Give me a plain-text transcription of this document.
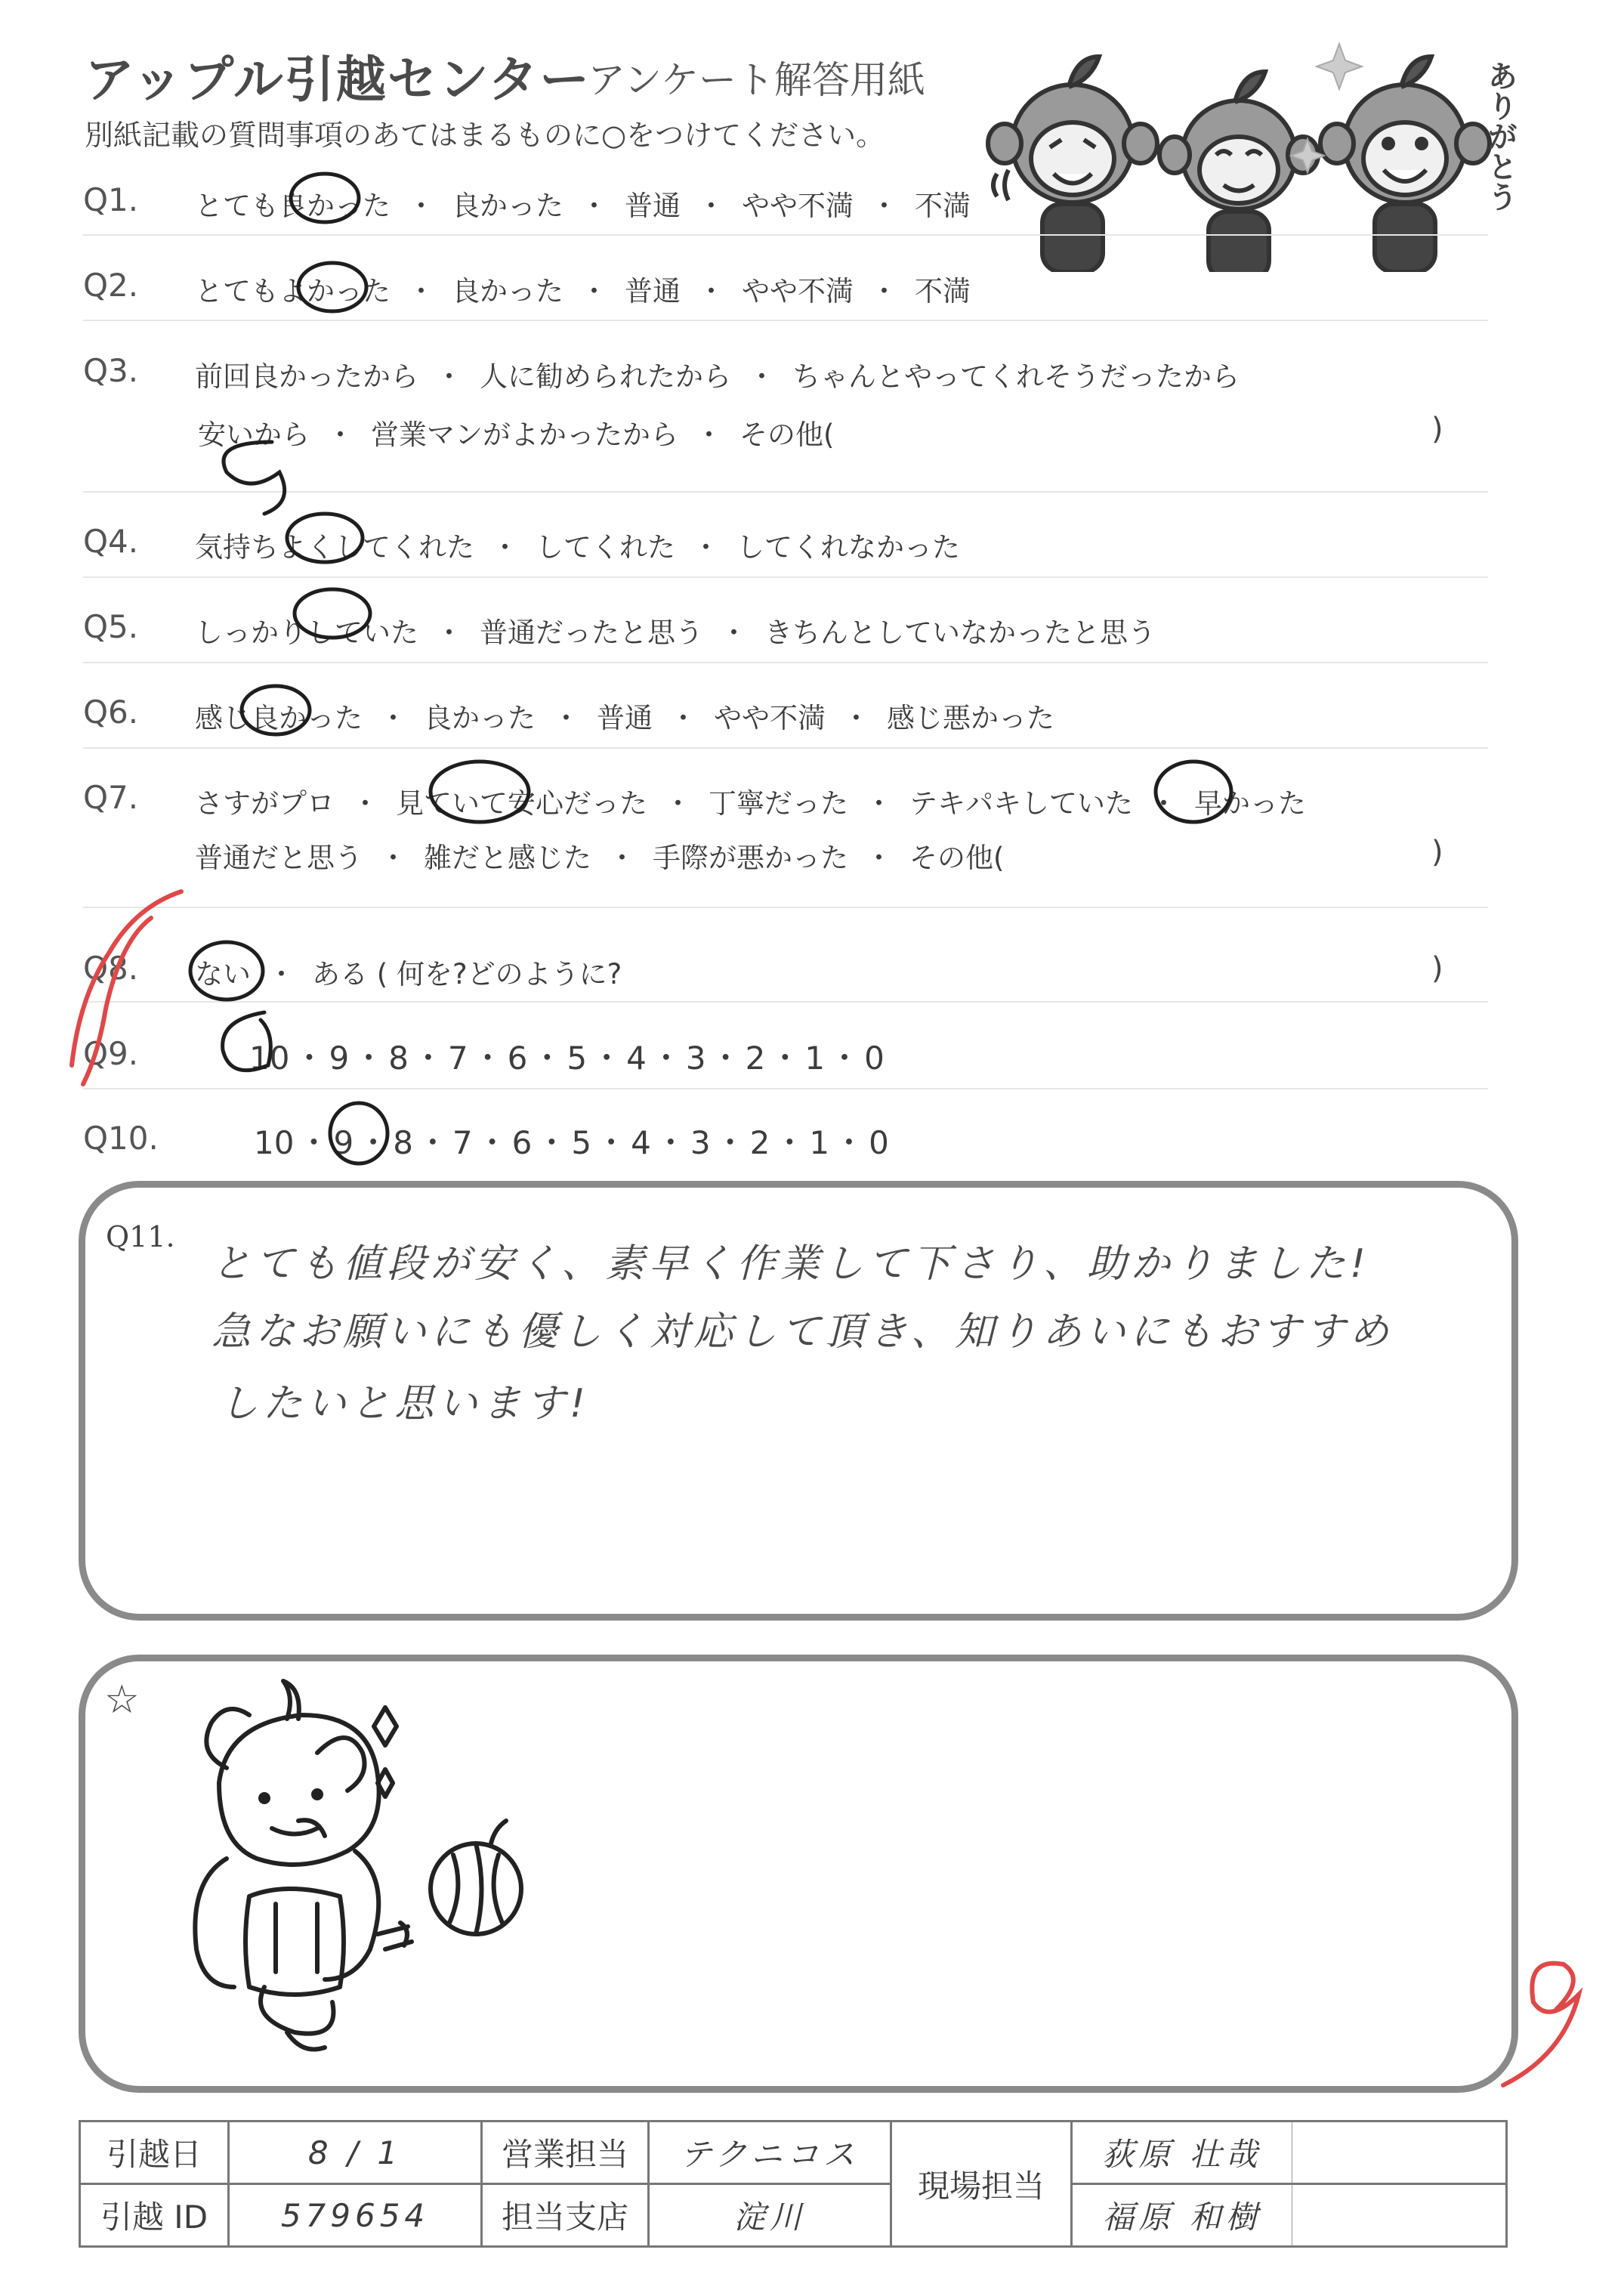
アップル引越センター
アンケート解答用紙
別紙記載の質問事項のあてはまるものに○をつけてください。	ありがとう
Q1. とても良かった ・ 良かった ・ 普通 ・ やや不満 ・ 不満
Q2. とてもよかった ・ 良かった ・ 普通 ・ やや不満 ・ 不満
Q3. 前回良かったから ・ 人に勧められたから ・ ちゃんとやってくれそうだったから
安いから ・ 営業マンがよかったから ・ その他(	)
Q4. 気持ちよくしてくれた ・ してくれた ・ してくれなかった
Q5. しっかりしていた ・ 普通だったと思う ・ きちんとしていなかったと思う
Q6. 感じ良かった ・ 良かった ・ 普通 ・ やや不満 ・ 感じ悪かった
Q7. さすがプロ ・ 見ていて安心だった ・ 丁寧だった ・ テキパキしていた ・ 早かった
普通だと思う ・ 雑だと感じた ・ 手際が悪かった ・ その他(	)
Q8. ない ・ ある ( 何を?どのように?	)
Q9.	10 ・ 9 ・ 8 ・ 7 ・ 6 ・ 5 ・ 4 ・ 3 ・ 2 ・ 1 ・ 0
Q10.	10 ・ 9 ・ 8 ・ 7 ・ 6 ・ 5 ・ 4 ・ 3 ・ 2 ・ 1 ・ 0
Q11.
とても値段が安く、素早く作業して下さり、助かりました!
急なお願いにも優しく対応して頂き、知りあいにもおすすめ
したいと思います!
☆
引越日	8 / 1	営業担当	テクニコス	現場担当	荻原 壮哉	
引越 ID	579654	担当支店	淀川		福原 和樹	
